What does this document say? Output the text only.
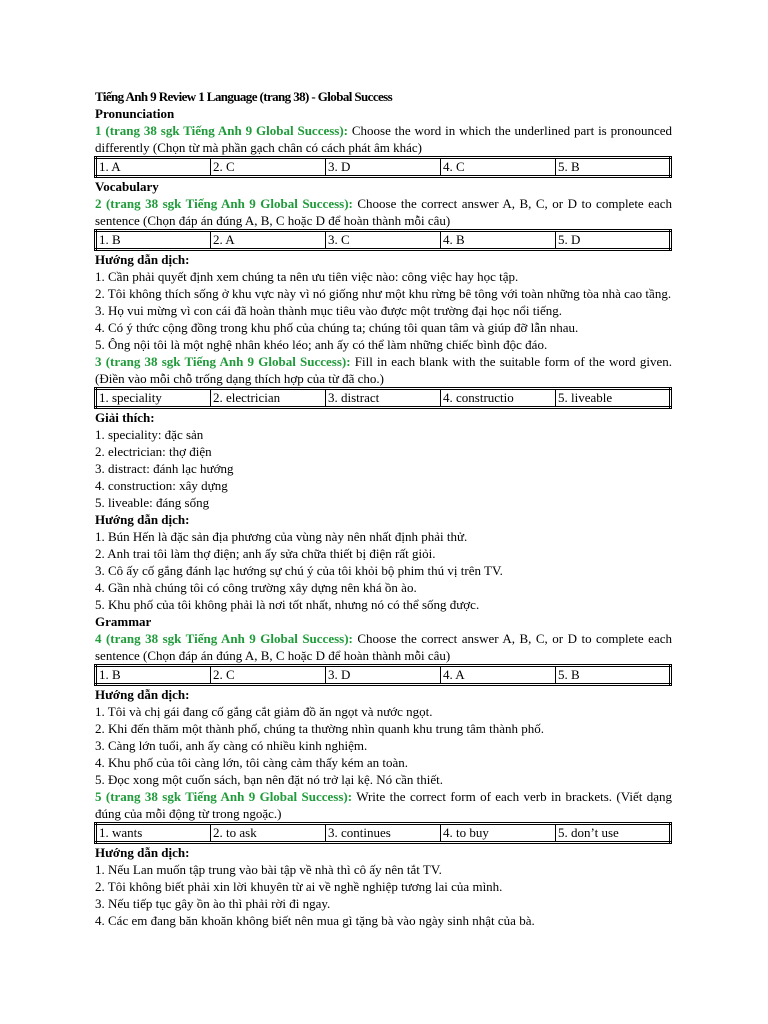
Tiếng Anh 9 Review 1 Language (trang 38) - Global Success
Pronunciation
1 (trang 38 sgk Tiếng Anh 9 Global Success): Choose the word in which the underlined part is pronounced differently (Chọn từ mà phần gạch chân có cách phát âm khác)
1. A	2. C	3. D	4. C	5. B
Vocabulary
2 (trang 38 sgk Tiếng Anh 9 Global Success): Choose the correct answer A, B, C, or D to complete each sentence (Chọn đáp án đúng A, B, C hoặc D để hoàn thành mỗi câu)
1. B	2. A	3. C	4. B	5. D
Hướng dẫn dịch:
1. Cần phải quyết định xem chúng ta nên ưu tiên việc nào: công việc hay học tập.
2. Tôi không thích sống ở khu vực này vì nó giống như một khu rừng bê tông với toàn những tòa nhà cao tầng.
3. Họ vui mừng vì con cái đã hoàn thành mục tiêu vào được một trường đại học nổi tiếng.
4. Có ý thức cộng đồng trong khu phố của chúng ta; chúng tôi quan tâm và giúp đỡ lẫn nhau.
5. Ông nội tôi là một nghệ nhân khéo léo; anh ấy có thể làm những chiếc bình độc đáo.
3 (trang 38 sgk Tiếng Anh 9 Global Success): Fill in each blank with the suitable form of the word given. (Điền vào mỗi chỗ trống dạng thích hợp của từ đã cho.)
1. speciality	2. electrician	3. distract	4. constructio	5. liveable
Giải thích:
1. speciality: đặc sản
2. electrician: thợ điện
3. distract: đánh lạc hướng
4. construction: xây dựng
5. liveable: đáng sống
Hướng dẫn dịch:
1. Bún Hến là đặc sản địa phương của vùng này nên nhất định phải thử.
2. Anh trai tôi làm thợ điện; anh ấy sửa chữa thiết bị điện rất giỏi.
3. Cô ấy cố gắng đánh lạc hướng sự chú ý của tôi khỏi bộ phim thú vị trên TV.
4. Gần nhà chúng tôi có công trường xây dựng nên khá ồn ào.
5. Khu phố của tôi không phải là nơi tốt nhất, nhưng nó có thể sống được.
Grammar
4 (trang 38 sgk Tiếng Anh 9 Global Success): Choose the correct answer A, B, C, or D to complete each sentence (Chọn đáp án đúng A, B, C hoặc D để hoàn thành mỗi câu)
1. B	2. C	3. D	4. A	5. B
Hướng dẫn dịch:
1. Tôi và chị gái đang cố gắng cắt giảm đồ ăn ngọt và nước ngọt.
2. Khi đến thăm một thành phố, chúng ta thường nhìn quanh khu trung tâm thành phố.
3. Càng lớn tuổi, anh ấy càng có nhiều kinh nghiệm.
4. Khu phố của tôi càng lớn, tôi càng cảm thấy kém an toàn.
5. Đọc xong một cuốn sách, bạn nên đặt nó trở lại kệ. Nó cần thiết.
5 (trang 38 sgk Tiếng Anh 9 Global Success): Write the correct form of each verb in brackets. (Viết dạng đúng của mỗi động từ trong ngoặc.)
1. wants	2. to ask	3. continues	4. to buy	5. don’t use
Hướng dẫn dịch:
1. Nếu Lan muốn tập trung vào bài tập về nhà thì cô ấy nên tắt TV.
2. Tôi không biết phải xin lời khuyên từ ai về nghề nghiệp tương lai của mình.
3. Nếu tiếp tục gây ồn ào thì phải rời đi ngay.
4. Các em đang băn khoăn không biết nên mua gì tặng bà vào ngày sinh nhật của bà.
